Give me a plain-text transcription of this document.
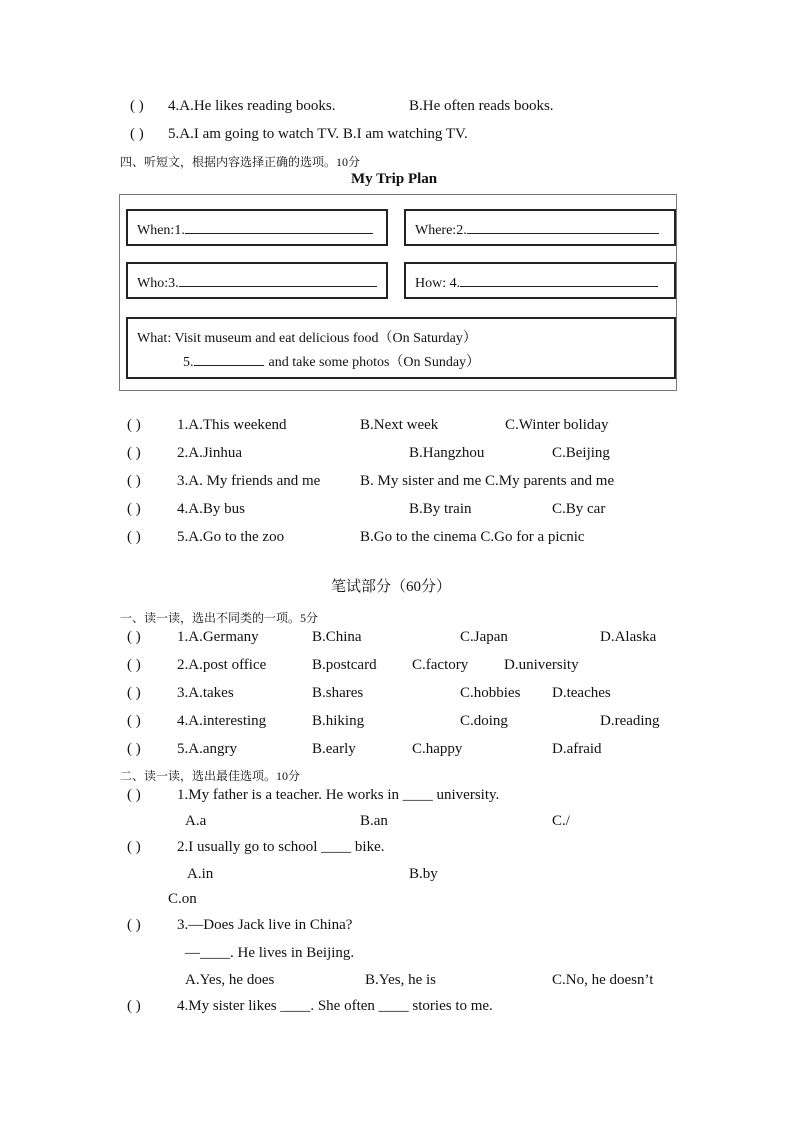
( ) 4.A.He likes reading books.	B.He often reads books.
( ) 5.A.I am going to watch TV. B.I am watching TV.
四、听短文，根据内容选择正确的选项。10分
My Trip Plan
When:1.	Where:2.
Who:3.	How: 4.
What: Visit museum and eat delicious food（On Saturday）
5.	and take some photos（On Sunday）
( ) 1.A.This weekend	B.Next week	C.Winter boliday
( ) 2.A.Jinhua	B.Hangzhou	C.Beijing
( ) 3.A. My friends and me	B. My sister and me C.My parents and me
( ) 4.A.By bus	B.By train	C.By car
( ) 5.A.Go to the zoo	B.Go to the cinema C.Go for a picnic
笔试部分（60分）
一、读一读，选出不同类的一项。5分
( ) 1.A.Germany	B.China	C.Japan	D.Alaska
( ) 2.A.post office	B.postcard C.factory D.university
( ) 3.A.takes	B.shares	C.hobbies D.teaches
( ) 4.A.interesting	B.hiking	C.doing	D.reading
( ) 5.A.angry	B.early	C.happy	D.afraid
二、读一读，选出最佳选项。10分
( ) 1.My father is a teacher. He works in ____ university.
A.a	B.an	C./
( ) 2.I usually go to school ____ bike.
A.in	B.by
C.on
( ) 3.—Does Jack live in China?
—____. He lives in Beijing.
A.Yes, he does	B.Yes, he is	C.No, he doesn’t
( ) 4.My sister likes ____. She often ____ stories to me.
